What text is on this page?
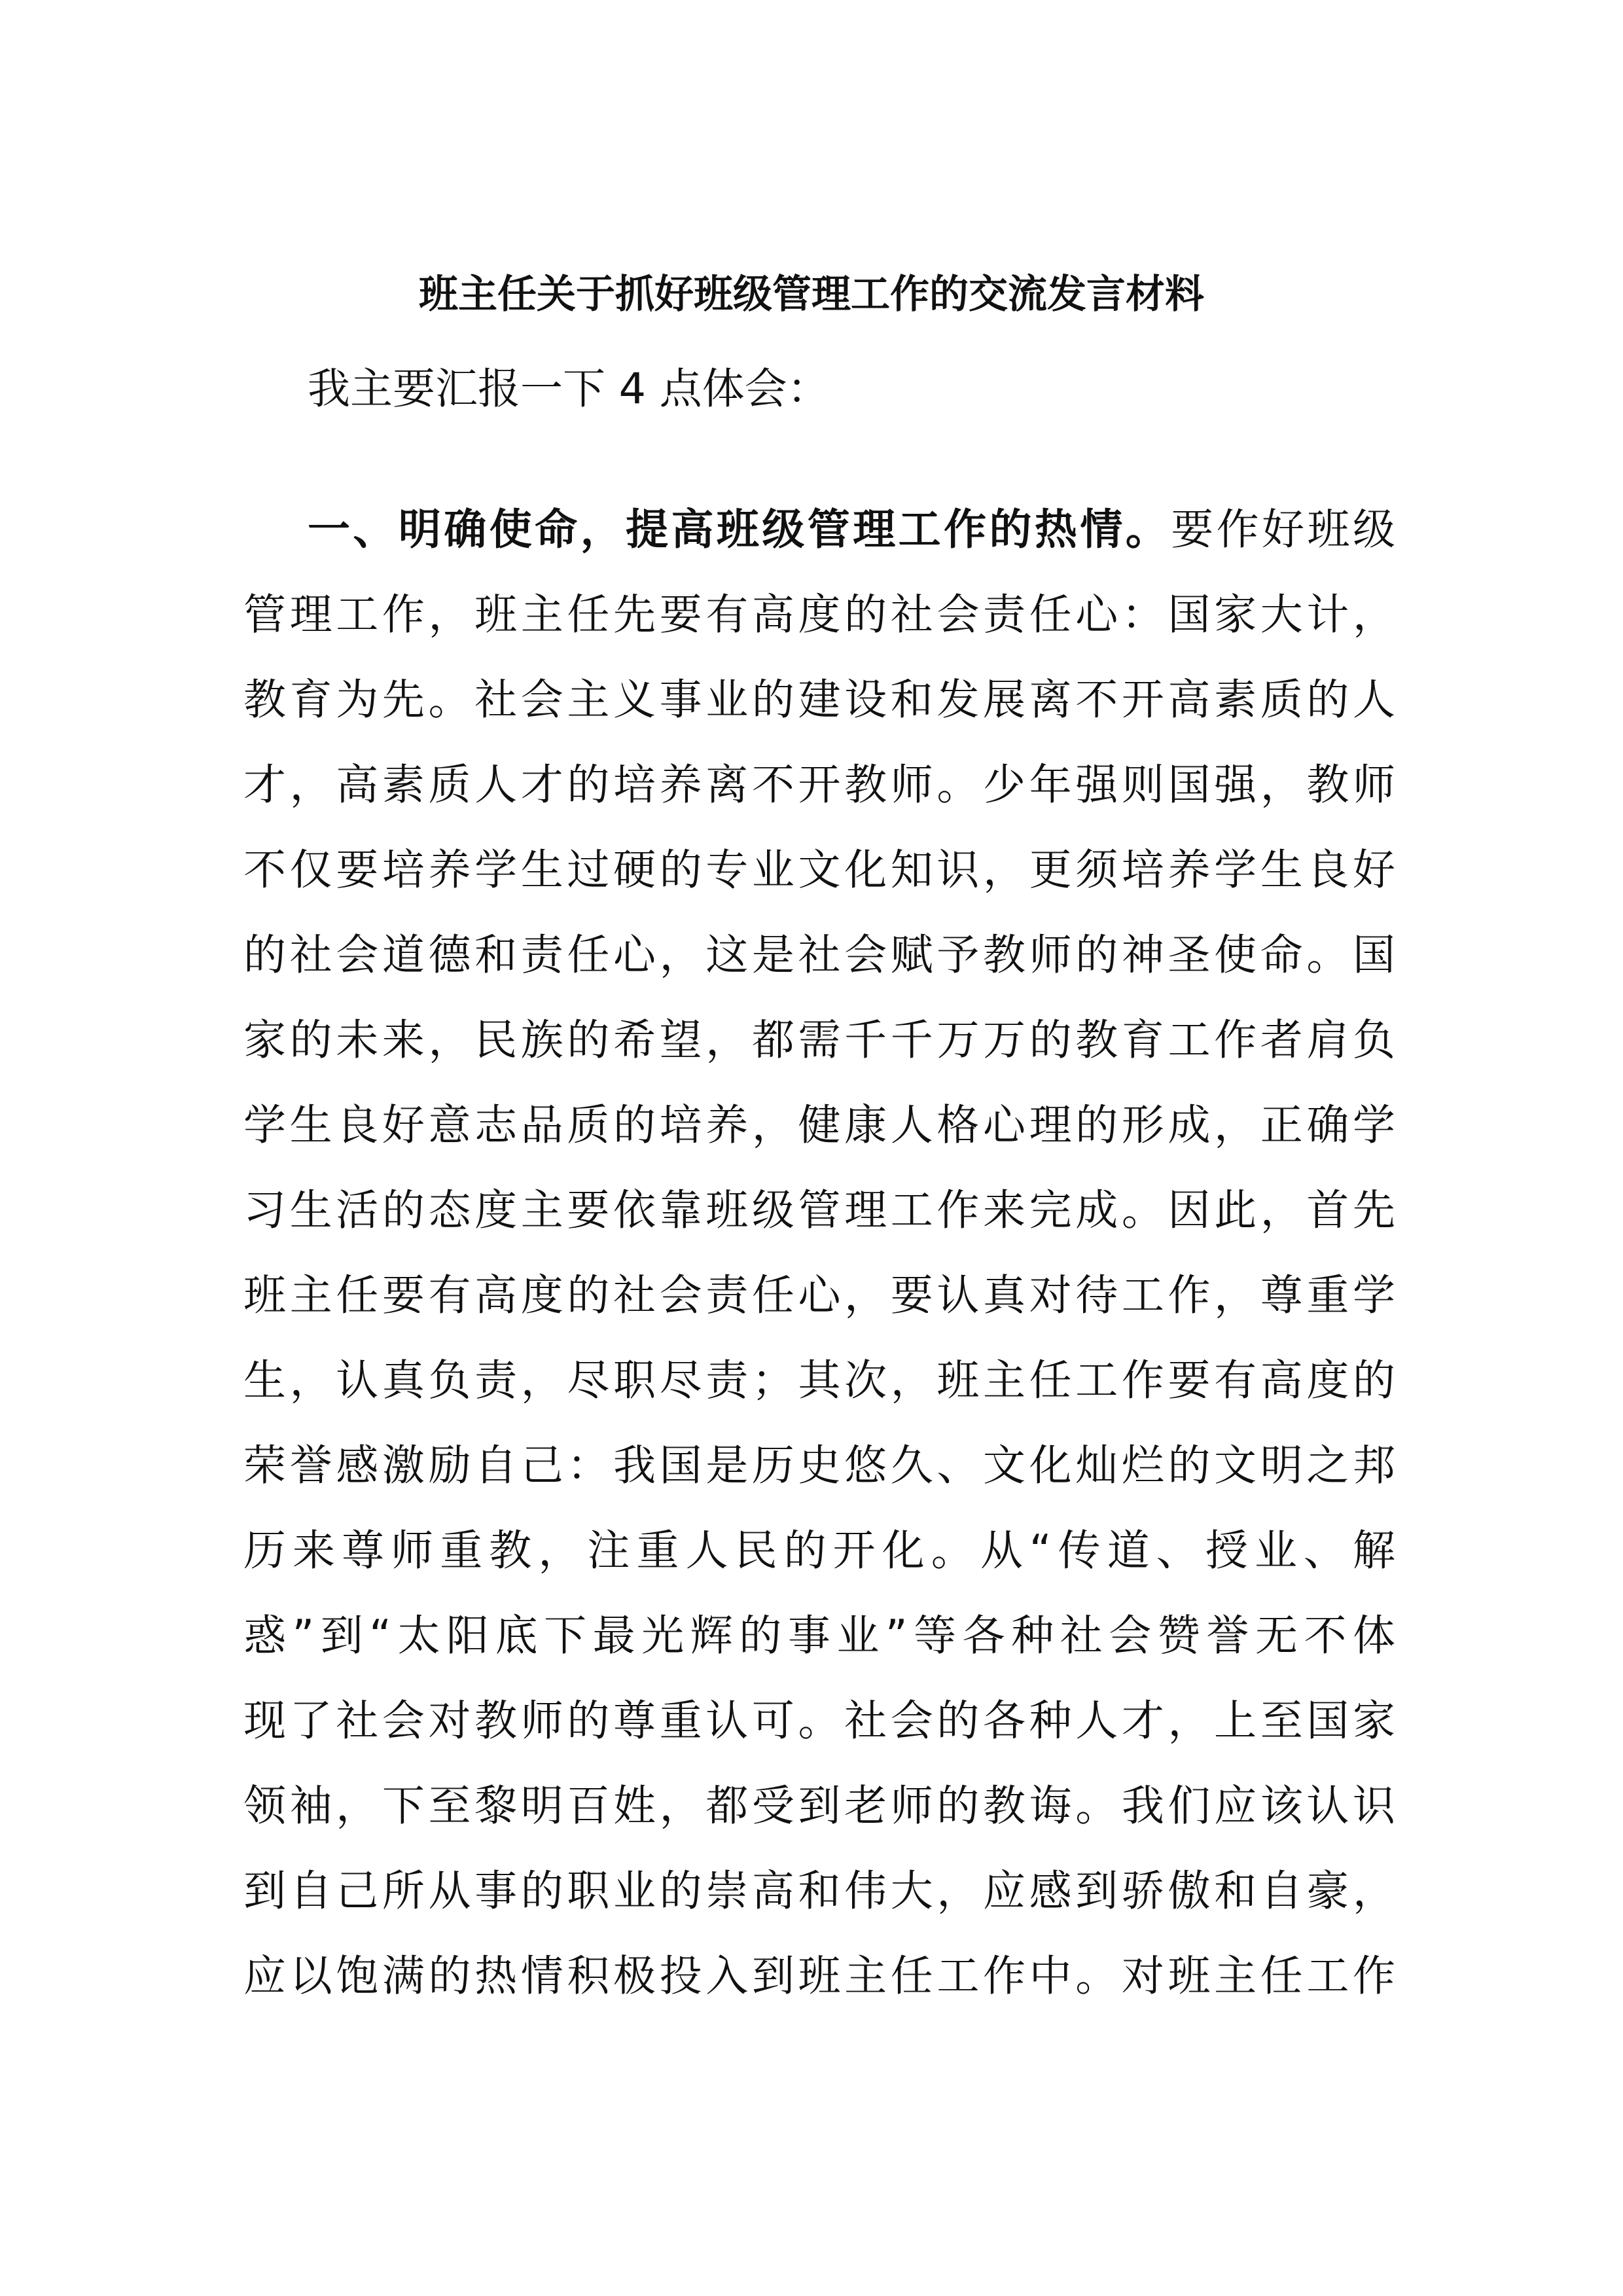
班主任关于抓好班级管理工作的交流发言材料
我主要汇报一下 4 点体会：
一、明确使命，提高班级管理工作的热情。要作好班级
管理工作，班主任先要有高度的社会责任心：国家大计，
教育为先。社会主义事业的建设和发展离不开高素质的人
才，高素质人才的培养离不开教师。少年强则国强，教师
不仅要培养学生过硬的专业文化知识，更须培养学生良好
的社会道德和责任心，这是社会赋予教师的神圣使命。国
家的未来，民族的希望，都需千千万万的教育工作者肩负
学生良好意志品质的培养，健康人格心理的形成，正确学
习生活的态度主要依靠班级管理工作来完成。因此，首先
班主任要有高度的社会责任心，要认真对待工作，尊重学
生，认真负责，尽职尽责；其次，班主任工作要有高度的
荣誉感激励自己：我国是历史悠久、文化灿烂的文明之邦
历来尊师重教，注重人民的开化。从“传道、授业、解
惑”到“太阳底下最光辉的事业”等各种社会赞誉无不体
现了社会对教师的尊重认可。社会的各种人才，上至国家
领袖，下至黎明百姓，都受到老师的教诲。我们应该认识
到自己所从事的职业的崇高和伟大，应感到骄傲和自豪，
应以饱满的热情积极投入到班主任工作中。对班主任工作
